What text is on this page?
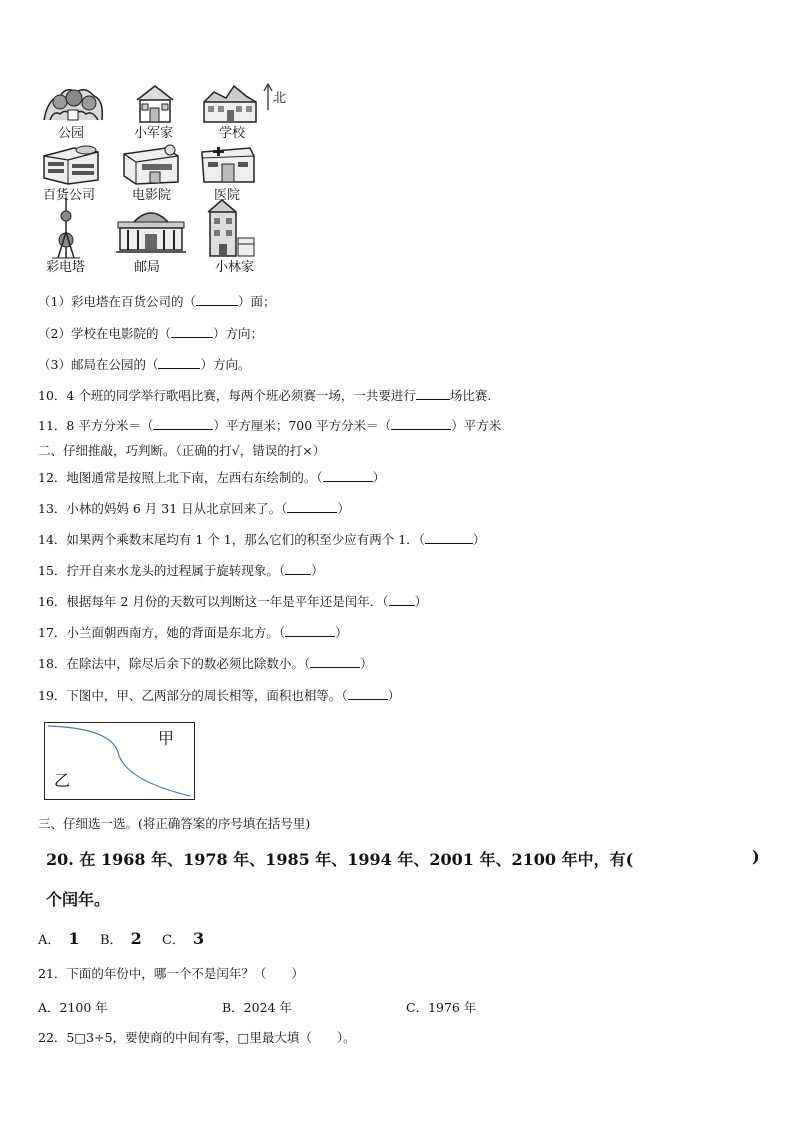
公园	小军家	学校
北
百货公司	电影院	医院
彩电塔	邮局	小林家
（1）彩电塔在百货公司的（	）面；
（2）学校在电影院的（	）方向；
（3）邮局在公园的（	）方向。
10．4 个班的同学举行歌唱比赛，每两个班必须赛一场，一共要进行	场比赛.
11．8 平方分米＝（	）平方厘米；700 平方分米＝（	）平方米
二、仔细推敲，巧判断。（正确的打√，错误的打×）
12．地图通常是按照上北下南，左西右东绘制的。（	）
13．小林的妈妈 6 月 31 日从北京回来了。（	）
14．如果两个乘数末尾均有 1 个 1，那么它们的积至少应有两个 1．（	）
15．拧开自来水龙头的过程属于旋转现象。（ ）
16．根据每年 2 月份的天数可以判断这一年是平年还是闰年．（ ）
17．小兰面朝西南方，她的背面是东北方。（	）
18．在除法中，除尽后余下的数必须比除数小。（	）
19．下图中，甲、乙两部分的周长相等，面积也相等。（	）
甲
乙
三、仔细选一选。(将正确答案的序号填在括号里)
20. 在 1968 年、1978 年、1985 年、1994 年、2001 年、2100 年中，有(	)
个闰年。
A． 1 B． 2 C． 3
21．下面的年份中，哪一个不是闰年？（　　）
A．2100 年	B．2024 年	C．1976 年
22．5□3÷5，要使商的中间有零，□里最大填（　　）。
